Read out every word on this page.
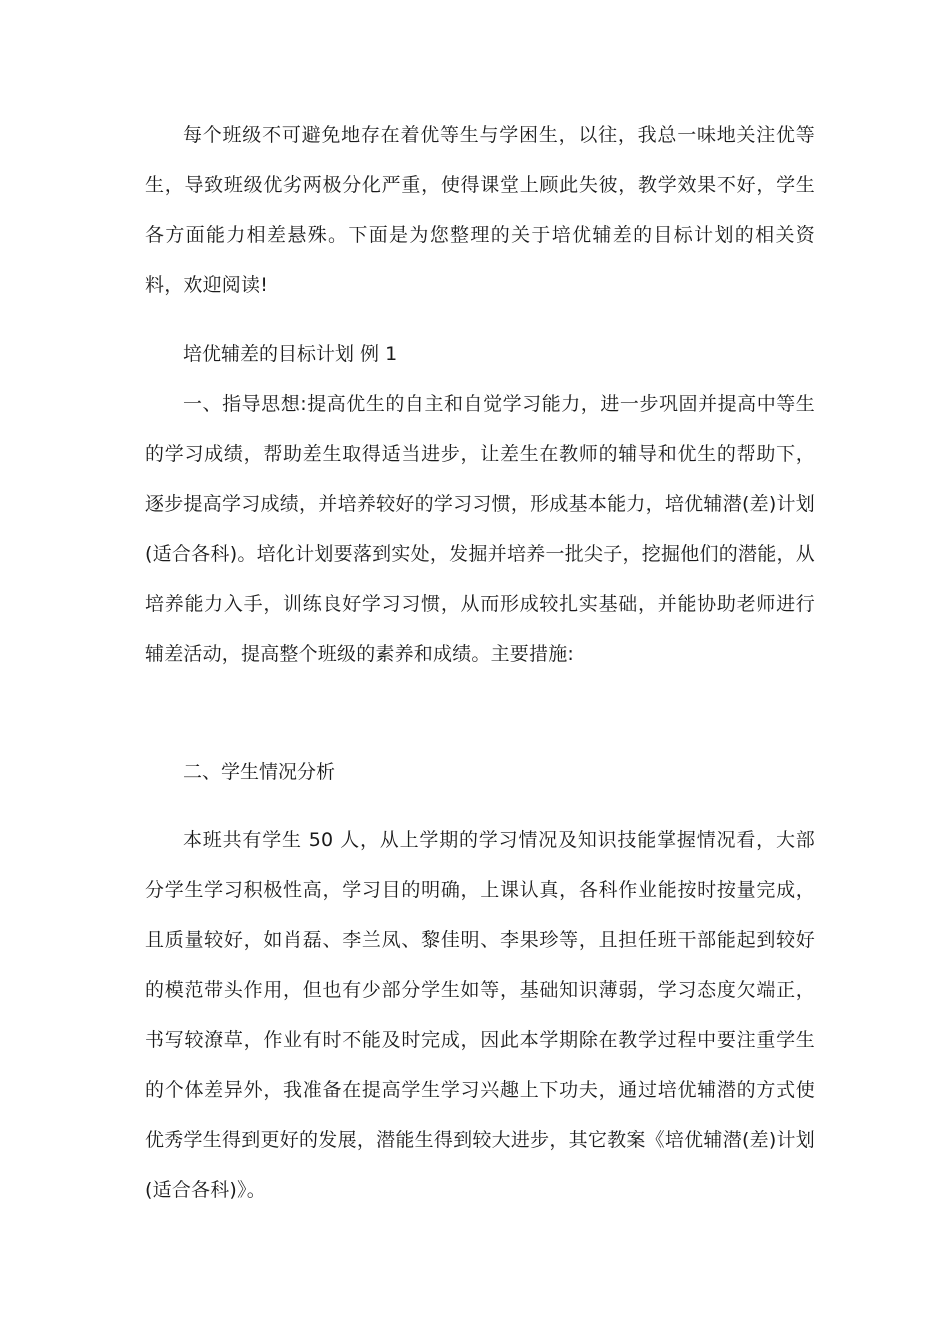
每个班级不可避免地存在着优等生与学困生，以往，我总一味地关注优等生，导致班级优劣两极分化严重，使得课堂上顾此失彼，教学效果不好，学生各方面能力相差悬殊。下面是为您整理的关于培优辅差的目标计划的相关资料，欢迎阅读!

培优辅差的目标计划 例 1

一、指导思想:提高优生的自主和自觉学习能力，进一步巩固并提高中等生的学习成绩，帮助差生取得适当进步，让差生在教师的辅导和优生的帮助下，逐步提高学习成绩，并培养较好的学习习惯，形成基本能力，培优辅潜(差)计划(适合各科)。培化计划要落到实处，发掘并培养一批尖子，挖掘他们的潜能，从培养能力入手，训练良好学习习惯，从而形成较扎实基础，并能协助老师进行辅差活动，提高整个班级的素养和成绩。主要措施:

二、学生情况分析

本班共有学生 50 人，从上学期的学习情况及知识技能掌握情况看，大部分学生学习积极性高，学习目的明确，上课认真，各科作业能按时按量完成，且质量较好，如肖磊、李兰凤、黎佳明、李果珍等，且担任班干部能起到较好的模范带头作用，但也有少部分学生如等，基础知识薄弱，学习态度欠端正，书写较潦草，作业有时不能及时完成，因此本学期除在教学过程中要注重学生的个体差异外，我准备在提高学生学习兴趣上下功夫，通过培优辅潜的方式使优秀学生得到更好的发展，潜能生得到较大进步，其它教案《培优辅潜(差)计划(适合各科)》。
